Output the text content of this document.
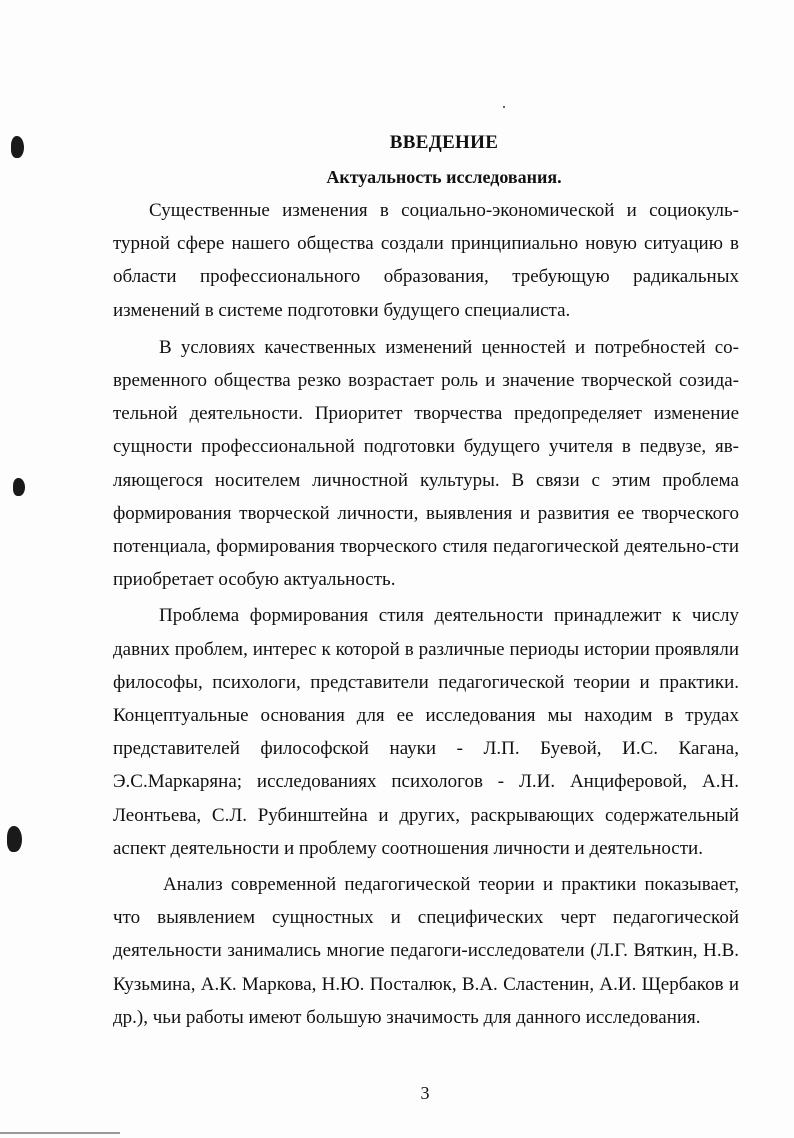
ВВЕДЕНИЕ
Актуальность исследования.

Существенные изменения в социально-экономической и социокуль-турной сфере нашего общества создали принципиально новую ситуацию в области профессионального образования, требующую радикальных изменений в системе подготовки будущего специалиста.

В условиях качественных изменений ценностей и потребностей со-временного общества резко возрастает роль и значение творческой созида-тельной деятельности. Приоритет творчества предопределяет изменение сущности профессиональной подготовки будущего учителя в педвузе, яв-ляющегося носителем личностной культуры. В связи с этим проблема формирования творческой личности, выявления и развития ее творческого потенциала, формирования творческого стиля педагогической деятельно-сти приобретает особую актуальность.

Проблема формирования стиля деятельности принадлежит к числу давних проблем, интерес к которой в различные периоды истории проявляли философы, психологи, представители педагогической теории и практики. Концептуальные основания для ее исследования мы находим в трудах представителей философской науки - Л.П. Буевой, И.С. Кагана, Э.С.Маркаряна; исследованиях психологов - Л.И. Анциферовой, А.Н. Леонтьева, С.Л. Рубинштейна и других, раскрывающих содержательный аспект деятельности и проблему соотношения личности и деятельности.

Анализ современной педагогической теории и практики показывает, что выявлением сущностных и специфических черт педагогической деятельности занимались многие педагоги-исследователи (Л.Г. Вяткин, Н.В. Кузьмина, А.К. Маркова, Н.Ю. Посталюк, В.А. Сластенин, А.И. Щербаков и др.), чьи работы имеют большую значимость для данного исследования.

3
